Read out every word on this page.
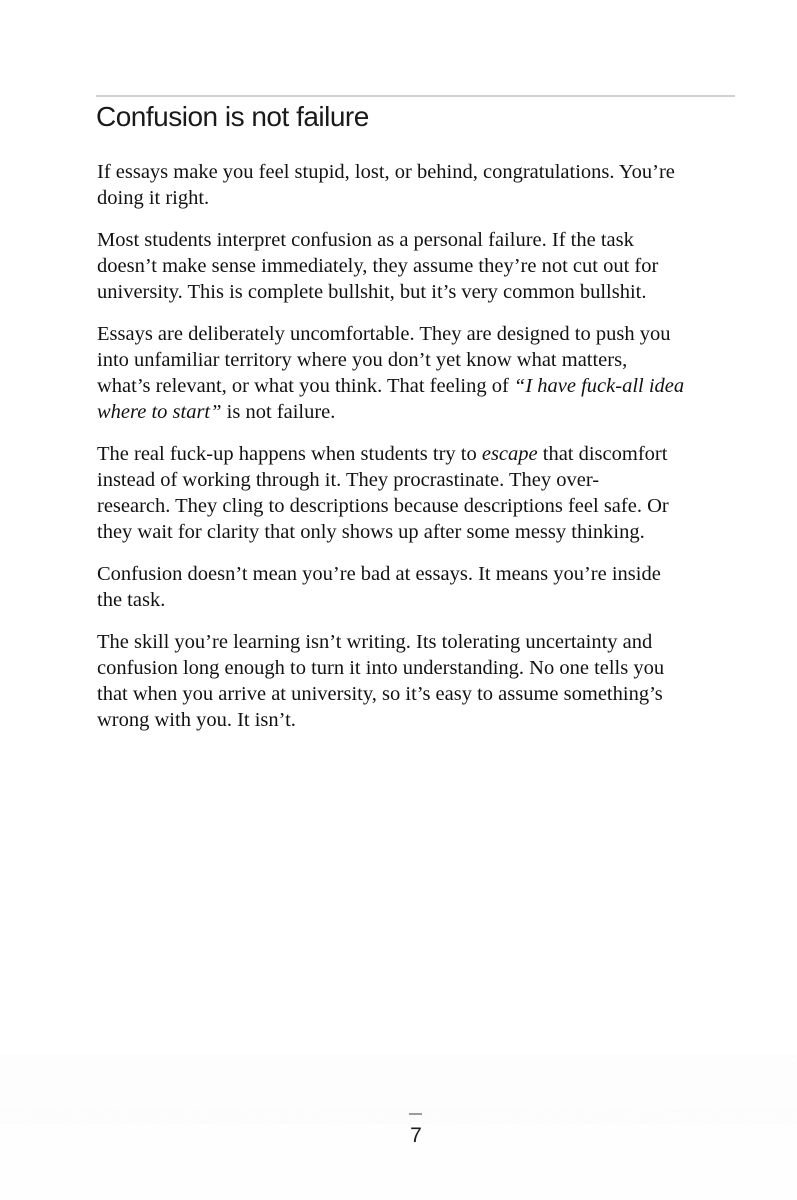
Confusion is not failure

If essays make you feel stupid, lost, or behind, congratulations. You’re
doing it right.

Most students interpret confusion as a personal failure. If the task
doesn’t make sense immediately, they assume they’re not cut out for
university. This is complete bullshit, but it’s very common bullshit.

Essays are deliberately uncomfortable. They are designed to push you
into unfamiliar territory where you don’t yet know what matters,
what’s relevant, or what you think. That feeling of “I have fuck-all idea
where to start” is not failure.

The real fuck-up happens when students try to escape that discomfort
instead of working through it. They procrastinate. They over-
research. They cling to descriptions because descriptions feel safe. Or
they wait for clarity that only shows up after some messy thinking.

Confusion doesn’t mean you’re bad at essays. It means you’re inside
the task.

The skill you’re learning isn’t writing. Its tolerating uncertainty and
confusion long enough to turn it into understanding. No one tells you
that when you arrive at university, so it’s easy to assume something’s
wrong with you. It isn’t.

7
